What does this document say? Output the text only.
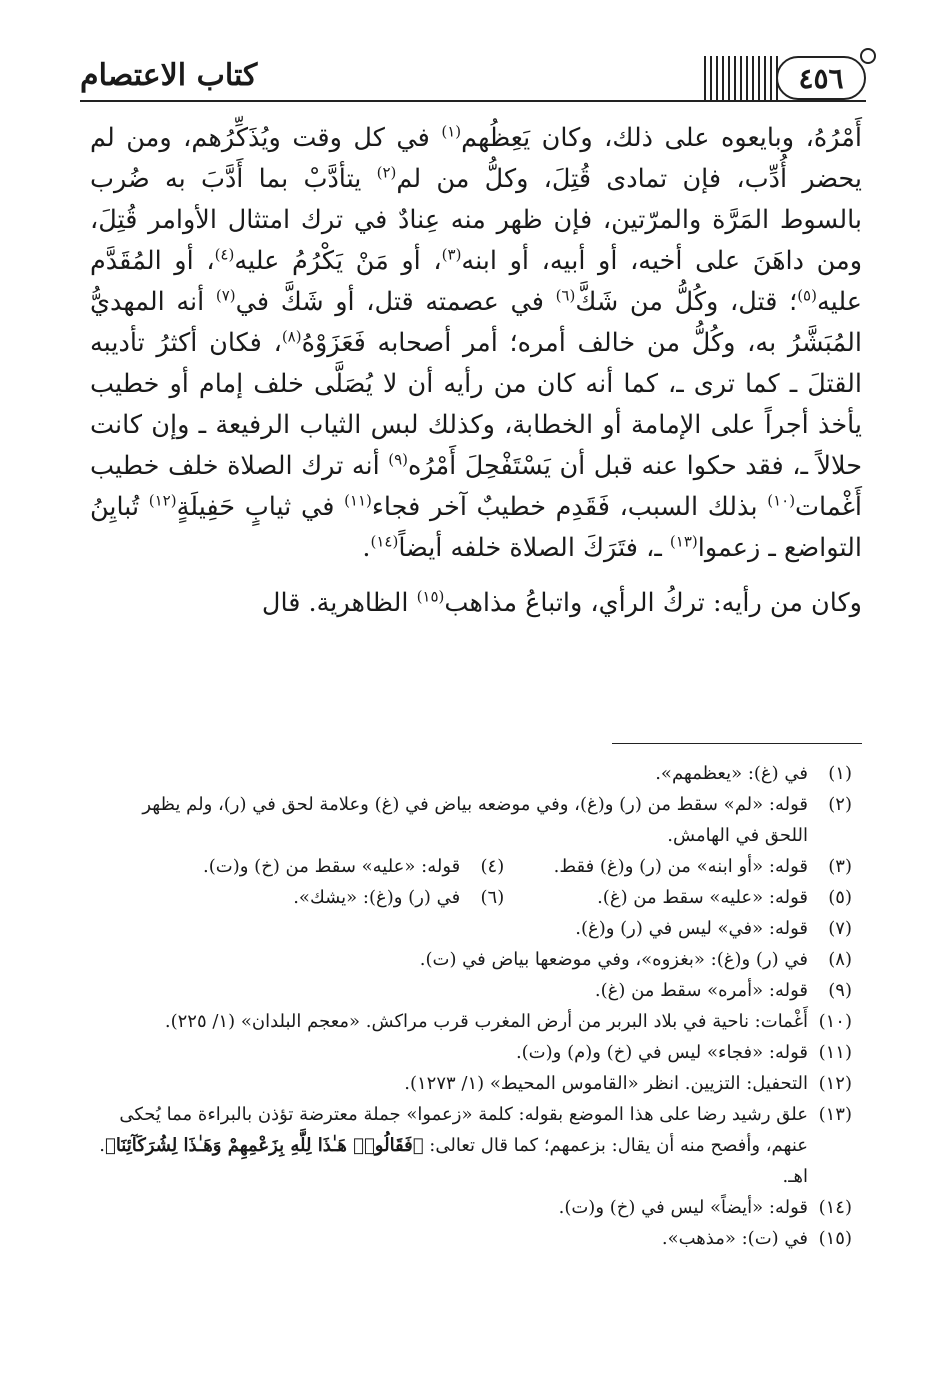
كتاب الاعتصام	٤٥٦

أَمْرُهُ، وبايعوه على ذلك، وكان يَعِظُهم$^{(١)}$ في كل وقت ويُذَكِّرُهم، ومن لم يحضر أُدِّب، فإن تمادى قُتِلَ، وكلُّ من لم$^{(٢)}$ يتأدَّبْ بما أَدَّبَ به ضُرب بالسوط المَرَّة والمرّتين، فإن ظهر منه عِنادٌ في ترك امتثال الأوامر قُتِلَ، ومن داهَنَ على أخيه، أو أبيه، أو ابنه$^{(٣)}$، أو مَنْ يَكْرُمُ عليه$^{(٤)}$، أو المُقَدَّم عليه$^{(٥)}$؛ قتل، وكُلُّ من شَكَّ$^{(٦)}$ في عصمته قتل، أو شَكَّ في$^{(٧)}$ أنه المهديُّ المُبَشَّرُ به، وكُلُّ من خالف أمره؛ أمر أصحابه فَعَزَوْهُ$^{(٨)}$، فكان أكثرُ تأديبه القتلَ ـ كما ترى ـ، كما أنه كان من رأيه أن لا يُصَلَّى خلف إمام أو خطيب يأخذ أجراً على الإمامة أو الخطابة، وكذلك لبس الثياب الرفيعة ـ وإن كانت حلالاً ـ، فقد حكوا عنه قبل أن يَسْتَفْحِلَ أَمْرُه$^{(٩)}$ أنه ترك الصلاة خلف خطيب أَغْمات$^{(١٠)}$ بذلك السبب، فَقَدِم خطيبٌ آخر فجاء$^{(١١)}$ في ثيابٍ حَفِيلَةٍ$^{(١٢)}$ تُبايِنُ التواضع ـ زعموا$^{(١٣)}$ ـ، فتَرَكَ الصلاة خلفه أيضاً$^{(١٤)}$.

وكان من رأيه: تركُ الرأي، واتباعُ مذاهب$^{(١٥)}$ الظاهرية. قال

(١)
في (غ): «يعظمهم».
(٢)
قوله: «لم» سقط من (ر) و(غ)، وفي موضعه بياض في (غ) وعلامة لحق في (ر)، ولم يظهر اللحق في الهامش.
(٣)
قوله: «أو ابنه» من (ر) و(غ) فقط.
(٤)
قوله: «عليه» سقط من (خ) و(ت).
(٥)
قوله: «عليه» سقط من (غ).
(٦)
في (ر) و(غ): «يشك».
(٧)
قوله: «في» ليس في (ر) و(غ).
(٨)
في (ر) و(غ): «بغزوه»، وفي موضعها بياض في (ت).
(٩)
قوله: «أمره» سقط من (غ).
(١٠)
أَغْمات: ناحية في بلاد البربر من أرض المغرب قرب مراكش. «معجم البلدان» (١/ ٢٢٥).
(١١)
قوله: «فجاء» ليس في (خ) و(م) و(ت).
(١٢)
التحفيل: التزيين. انظر «القاموس المحيط» (١/ ١٢٧٣).
(١٣)
علق رشيد رضا على هذا الموضع بقوله: كلمة «زعموا» جملة معترضة تؤذن بالبراءة مما يُحكى عنهم، وأفصح منه أن يقال: بزعمهم؛ كما قال تعالى: ﴿فَقَالُوا۟ هَـٰذَا لِلَّهِ بِزَعْمِهِمْ وَهَـٰذَا لِشُرَكَآئِنَا﴾. اهـ.
(١٤)
قوله: «أيضاً» ليس في (خ) و(ت).
(١٥)
في (ت): «مذهب».
